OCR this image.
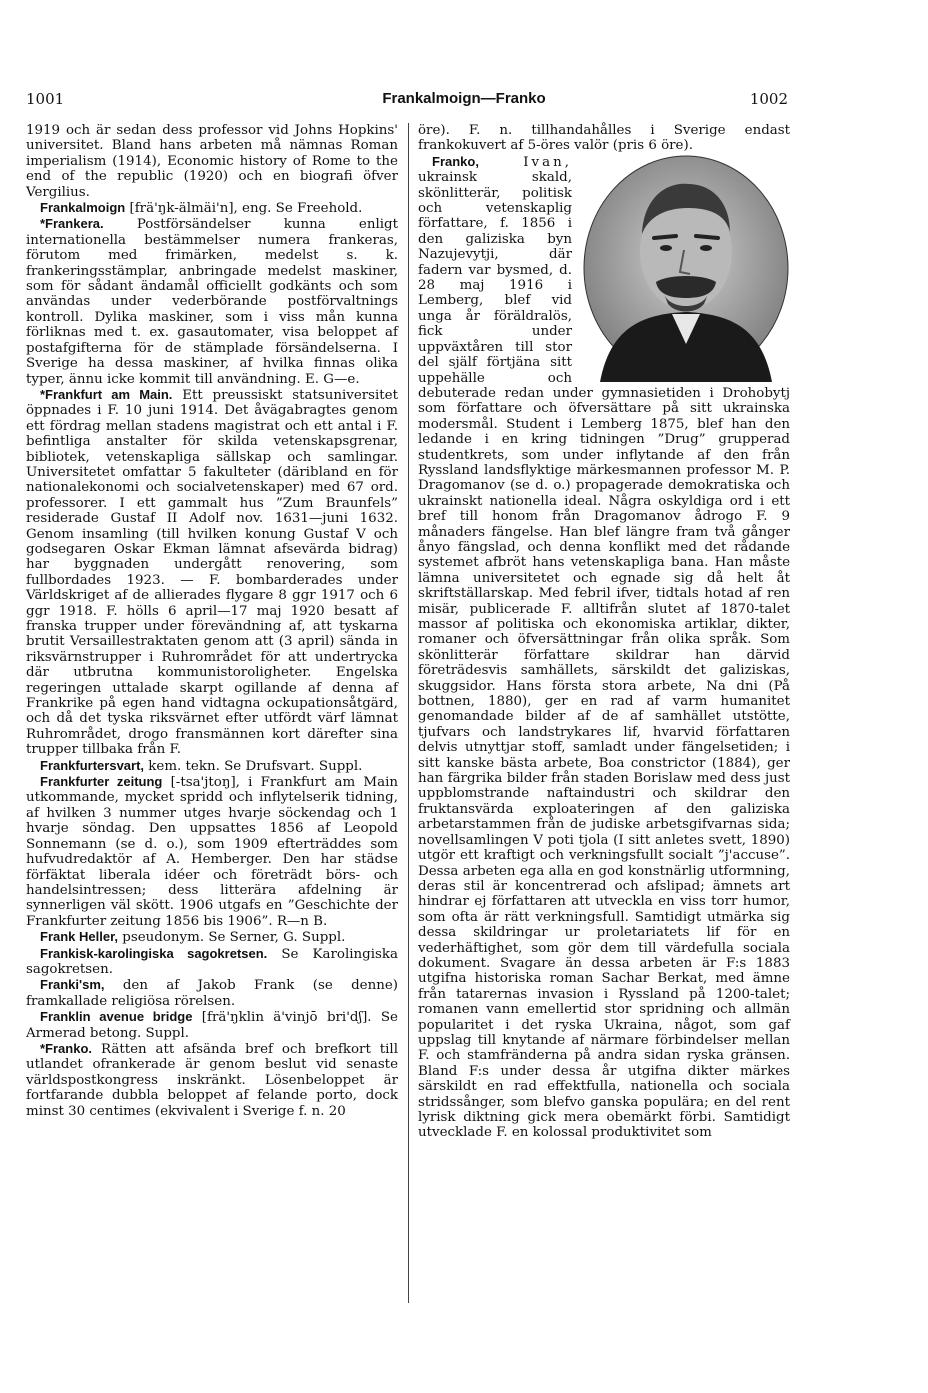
1001	Frankalmoign—Franko	1002

1919 och är sedan dess professor vid Johns Hopkins' universitet. Bland hans arbeten må nämnas Roman imperialism (1914), Economic history of Rome to the end of the republic (1920) och en biografi öfver Vergilius.

Frankalmoign [frä'ŋk-älmäi'n], eng. Se Freehold.

*Frankera. Postförsändelser kunna enligt internationella bestämmelser numera frankeras, förutom med frimärken, medelst s. k. frankeringsstämplar, anbringade medelst maskiner, som för sådant ändamål officiellt godkänts och som användas under vederbörande postförvaltnings kontroll. Dylika maskiner, som i viss mån kunna förliknas med t. ex. gasautomater, visa beloppet af postafgifterna för de stämplade försändelserna. I Sverige ha dessa maskiner, af hvilka finnas olika typer, ännu icke kommit till användning. E. G—e.

*Frankfurt am Main. Ett preussiskt statsuniversitet öppnades i F. 10 juni 1914. Det åvägabragtes genom ett fördrag mellan stadens magistrat och ett antal i F. befintliga anstalter för skilda vetenskapsgrenar, bibliotek, vetenskapliga sällskap och samlingar. Universitetet omfattar 5 fakulteter (däribland en för nationalekonomi och socialvetenskaper) med 67 ord. professorer. I ett gammalt hus ”Zum Braunfels” residerade Gustaf II Adolf nov. 1631—juni 1632. Genom insamling (till hvilken konung Gustaf V och godsegaren Oskar Ekman lämnat afsevärda bidrag) har byggnaden undergått renovering, som fullbordades 1923. — F. bombarderades under Världskriget af de allierades flygare 8 ggr 1917 och 6 ggr 1918. F. hölls 6 april—17 maj 1920 besatt af franska trupper under förevändning af, att tyskarna brutit Versaillestraktaten genom att (3 april) sända in riksvärnstrupper i Ruhrområdet för att undertrycka där utbrutna kommunistoroligheter. Engelska regeringen uttalade skarpt ogillande af denna af Frankrike på egen hand vidtagna ockupationsåtgärd, och då det tyska riksvärnet efter utfördt värf lämnat Ruhrområdet, drogo fransmännen kort därefter sina trupper tillbaka från F.

Frankfurtersvart, kem. tekn. Se Drufsvart. Suppl.

Frankfurter zeitung [-tsa'jtoŋ], i Frankfurt am Main utkommande, mycket spridd och inflytelserik tidning, af hvilken 3 nummer utges hvarje söckendag och 1 hvarje söndag. Den uppsattes 1856 af Leopold Sonnemann (se d. o.), som 1909 efterträddes som hufvudredaktör af A. Hemberger. Den har städse förfäktat liberala idéer och företrädt börs- och handelsintressen; dess litterära afdelning är synnerligen väl skött. 1906 utgafs en ”Geschichte der Frankfurter zeitung 1856 bis 1906”. R—n B.

Frank Heller, pseudonym. Se Serner, G. Suppl.

Frankisk-karolingiska sagokretsen. Se Karolingiska sagokretsen.

Franki'sm, den af Jakob Frank (se denne) framkallade religiösa rörelsen.

Franklin avenue bridge [frä'ŋklin ä'vinjō bri'dʃ]. Se Armerad betong. Suppl.

*Franko. Rätten att afsända bref och brefkort till utlandet ofrankerade är genom beslut vid senaste världspostkongress inskränkt. Lösenbeloppet är fortfarande dubbla beloppet af felande porto, dock minst 30 centimes (ekvivalent i Sverige f. n. 20

öre). F. n. tillhandahålles i Sverige endast frankokuvert af 5-öres valör (pris 6 öre).

Franko, Ivan,
ukrainsk skald, skönlitterär, politisk och vetenskaplig författare, f. 1856 i den galiziska byn Nazujevytji, där fadern var bysmed, d. 28 maj 1916 i Lemberg, blef vid unga år föräldralös, fick under uppväxtåren till stor del själf förtjäna sitt uppehälle och debuterade redan under gymnasietiden i Drohobytj som författare och öfversättare på sitt ukrainska modersmål. Student i Lemberg 1875, blef han den ledande i en kring tidningen ”Drug” grupperad studentkrets, som under inflytande af den från Ryssland landsflyktige märkesmannen professor M. P. Dragomanov (se d. o.) propagerade demokratiska och ukrainskt nationella ideal. Några oskyldiga ord i ett bref till honom från Dragomanov ådrogo F. 9 månaders fängelse. Han blef längre fram två gånger ånyo fängslad, och denna konflikt med det rådande systemet afbröt hans vetenskapliga bana. Han måste lämna universitetet och egnade sig då helt åt skriftställarskap. Med febril ifver, tidtals hotad af ren misär, publicerade F. alltifrån slutet af 1870-talet massor af politiska och ekonomiska artiklar, dikter, romaner och öfversättningar från olika språk. Som skönlitterär författare skildrar han därvid företrädesvis samhällets, särskildt det galiziskas, skuggsidor. Hans första stora arbete, Na dni (På bottnen, 1880), ger en rad af varm humanitet genomandade bilder af de af samhället utstötte, tjufvars och landstrykares lif, hvarvid författaren delvis utnyttjar stoff, samladt under fängelsetiden; i sitt kanske bästa arbete, Boa constrictor (1884), ger han färgrika bilder från staden Borislaw med dess just uppblomstrande naftaindustri och skildrar den fruktansvärda exploateringen af den galiziska arbetarstammen från de judiske arbetsgifvarnas sida; novellsamlingen V poti tjola (I sitt anletes svett, 1890) utgör ett kraftigt och verkningsfullt socialt ”j'accuse”. Dessa arbeten ega alla en god konstnärlig utformning, deras stil är koncentrerad och afslipad; ämnets art hindrar ej författaren att utveckla en viss torr humor, som ofta är rätt verkningsfull. Samtidigt utmärka sig dessa skildringar ur proletariatets lif för en vederhäftighet, som gör dem till värdefulla sociala dokument. Svagare än dessa arbeten är F:s 1883 utgifna historiska roman Sachar Berkat, med ämne från tatarernas invasion i Ryssland på 1200-talet; romanen vann emellertid stor spridning och allmän popularitet i det ryska Ukraina, något, som gaf uppslag till knytande af närmare förbindelser mellan F. och stamfränderna på andra sidan ryska gränsen. Bland F:s under dessa år utgifna dikter märkes särskildt en rad effektfulla, nationella och sociala stridssånger, som blefvo ganska populära; en del rent lyrisk diktning gick mera obemärkt förbi. Samtidigt utvecklade F. en kolossal produktivitet som
